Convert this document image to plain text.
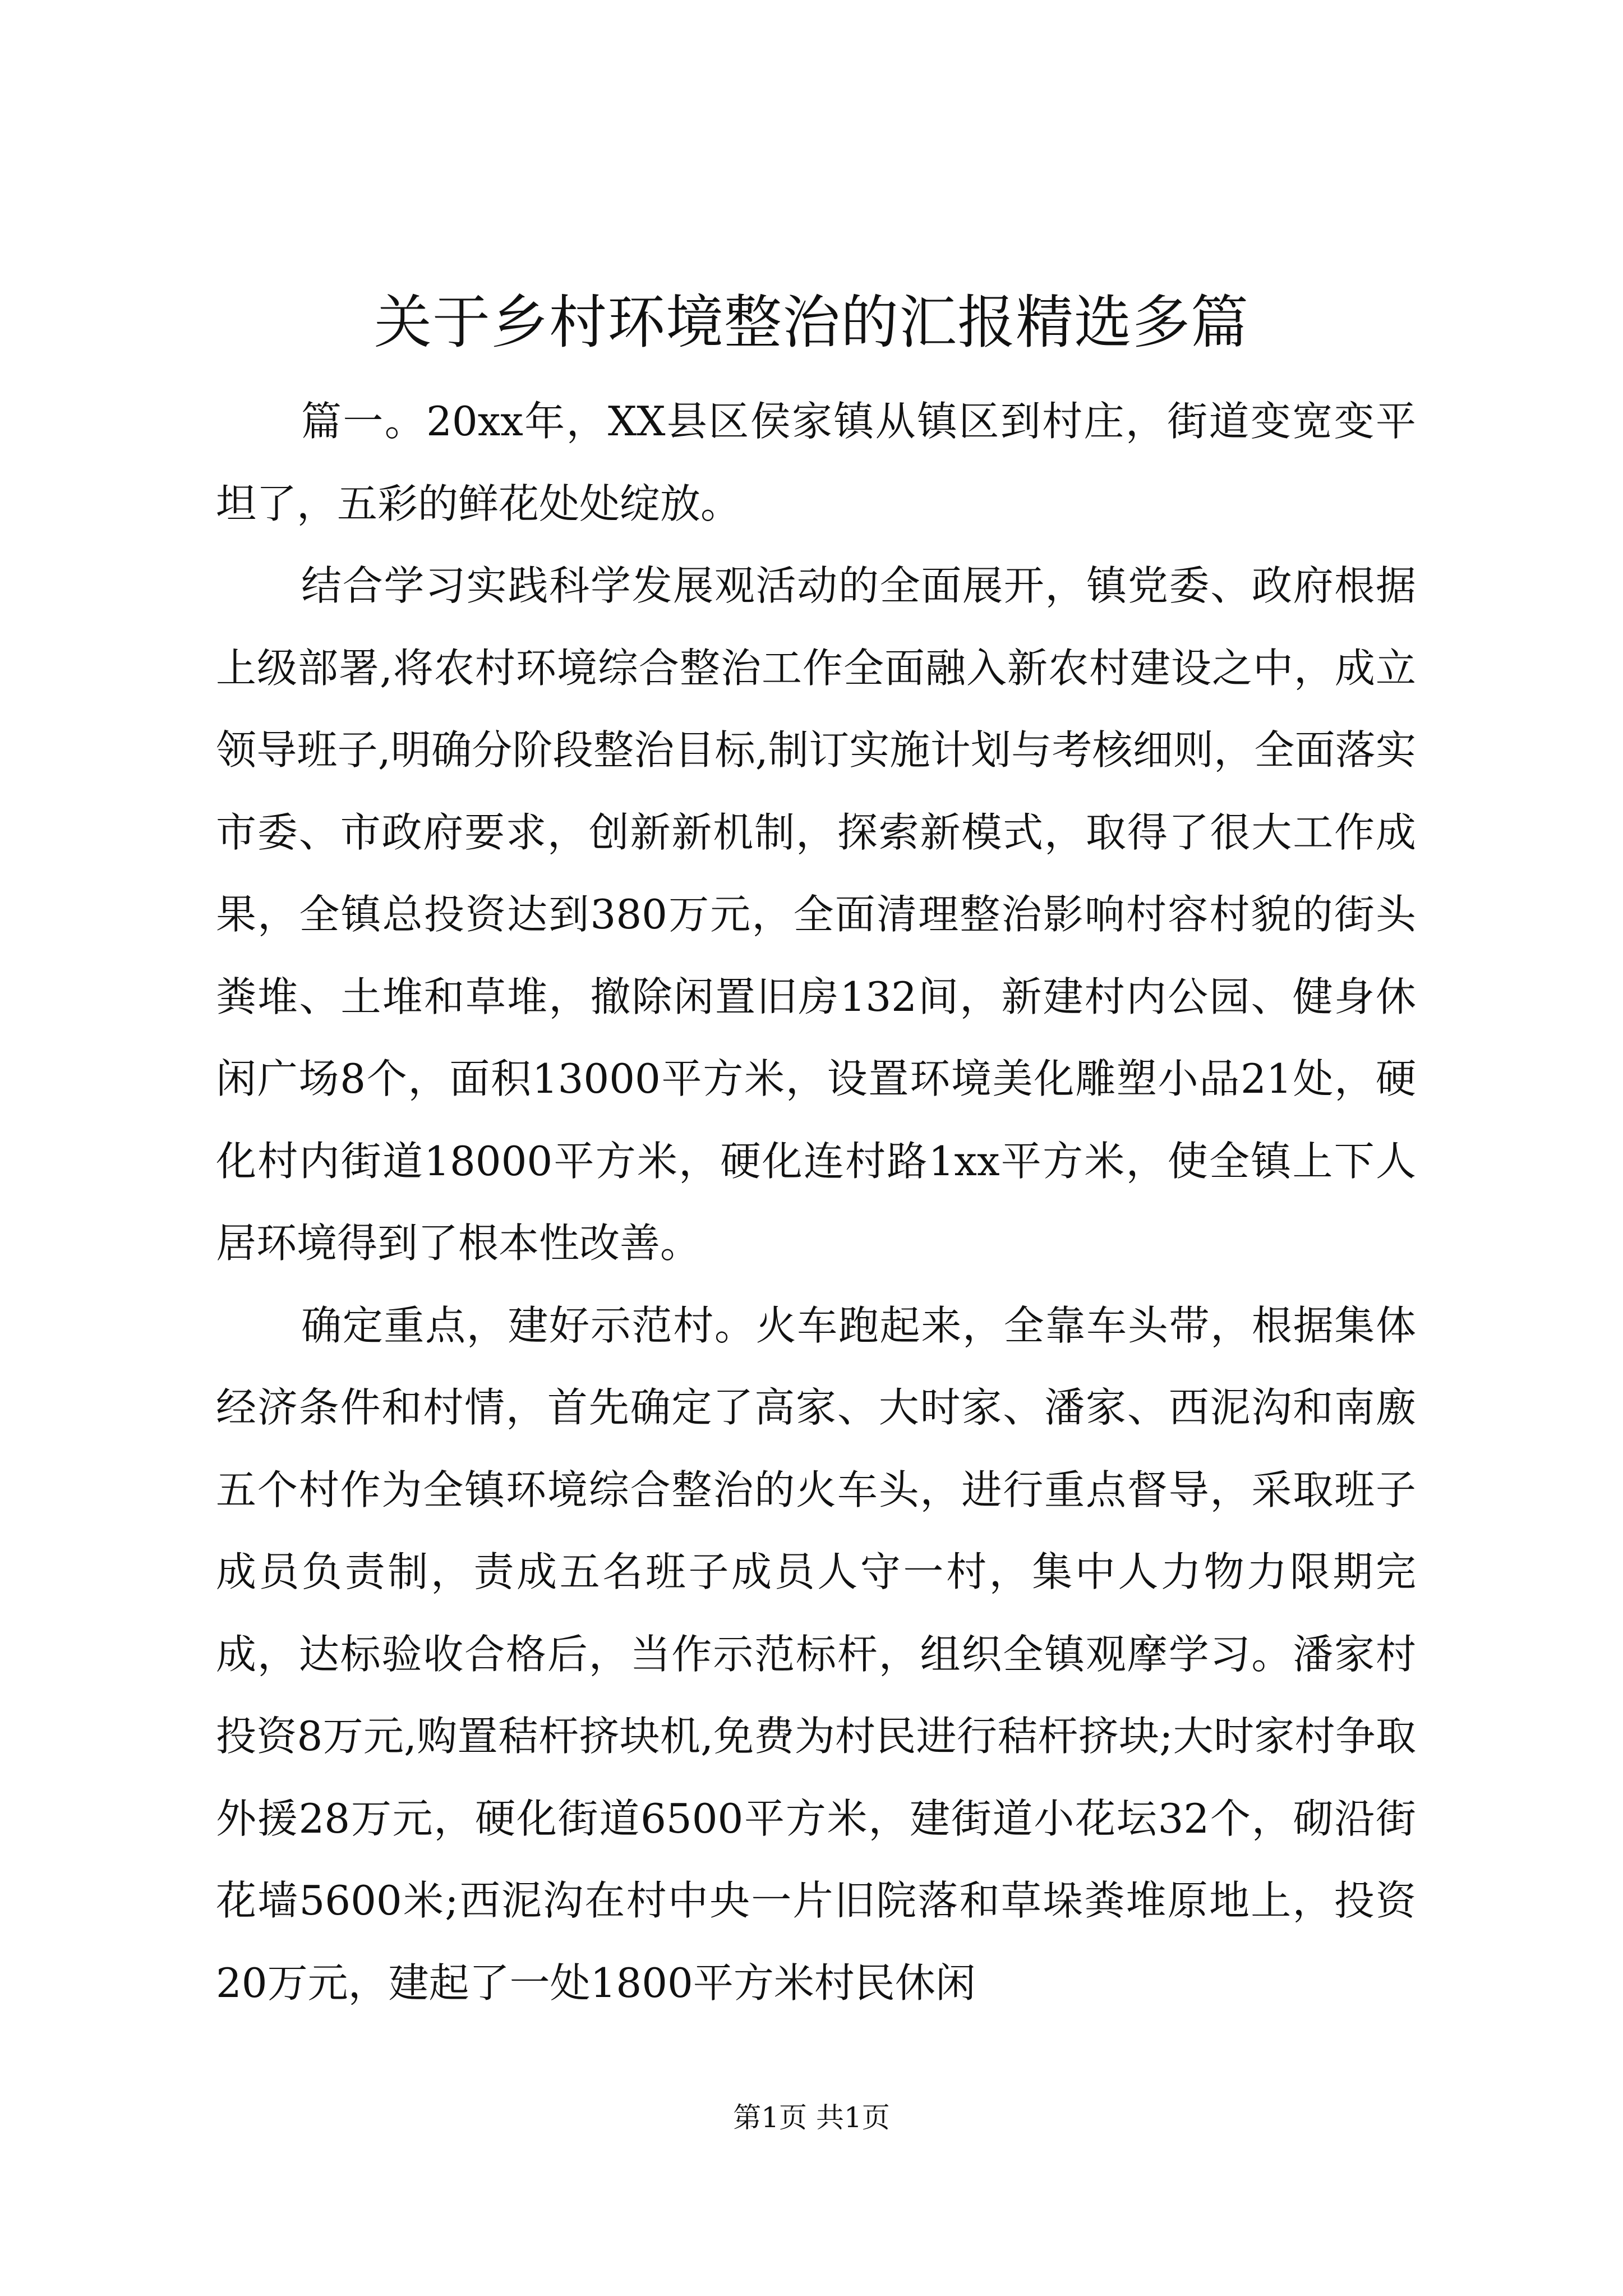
关于乡村环境整治的汇报精选多篇

篇一。20xx年，XX县区侯家镇从镇区到村庄，街道变宽变平坦了，五彩的鲜花处处绽放。

结合学习实践科学发展观活动的全面展开，镇党委、政府根据上级部署,将农村环境综合整治工作全面融入新农村建设之中，成立领导班子,明确分阶段整治目标,制订实施计划与考核细则，全面落实市委、市政府要求，创新新机制，探索新模式，取得了很大工作成果，全镇总投资达到380万元，全面清理整治影响村容村貌的街头粪堆、土堆和草堆，撤除闲置旧房132间，新建村内公园、健身休闲广场8个，面积13000平方米，设置环境美化雕塑小品21处，硬化村内街道18000平方米，硬化连村路1xx平方米，使全镇上下人居环境得到了根本性改善。

确定重点，建好示范村。火车跑起来，全靠车头带，根据集体经济条件和村情，首先确定了高家、大时家、潘家、西泥沟和南廒五个村作为全镇环境综合整治的火车头，进行重点督导，采取班子成员负责制，责成五名班子成员人守一村，集中人力物力限期完成，达标验收合格后，当作示范标杆，组织全镇观摩学习。潘家村投资8万元,购置秸杆挤块机,免费为村民进行秸杆挤块;大时家村争取外援28万元，硬化街道6500平方米，建街道小花坛32个，砌沿街花墙5600米;西泥沟在村中央一片旧院落和草垛粪堆原地上，投资20万元，建起了一处1800平方米村民休闲

第1页 共1页
